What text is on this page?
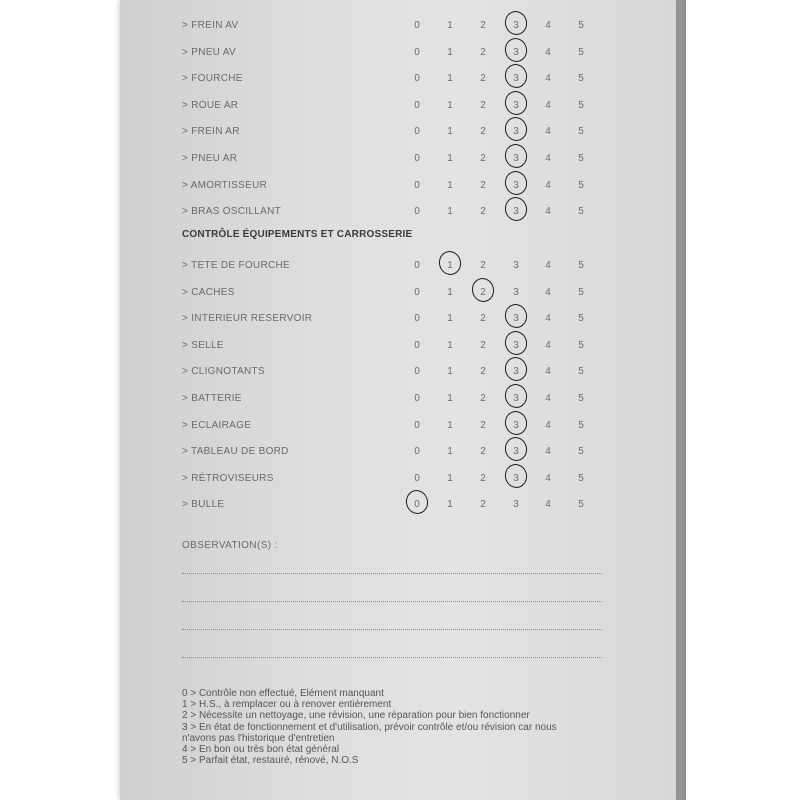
> FREIN AV	0	1	2	3	4	5
> PNEU AV	0	1	2	3	4	5
> FOURCHE	0	1	2	3	4	5
> ROUE AR	0	1	2	3	4	5
> FREIN AR	0	1	2	3	4	5
> PNEU AR	0	1	2	3	4	5
> AMORTISSEUR	0	1	2	3	4	5
> BRAS OSCILLANT	0	1	2	3	4	5
CONTRÔLE ÉQUIPEMENTS ET CARROSSERIE
> TETE DE FOURCHE	0	1	2	3	4	5
> CACHES	0	1	2	3	4	5
> INTERIEUR RESERVOIR	0	1	2	3	4	5
> SELLE	0	1	2	3	4	5
> CLIGNOTANTS	0	1	2	3	4	5
> BATTERIE	0	1	2	3	4	5
> ECLAIRAGE	0	1	2	3	4	5
> TABLEAU DE BORD	0	1	2	3	4	5
> RÉTROVISEURS	0	1	2	3	4	5
> BULLE	0	1	2	3	4	5
OBSERVATION(S) :
0 > Contrôle non effectué, Elément manquant
1 > H.S., à remplacer ou à renover entièrement
2 > Nécessite un nettoyage, une révision, une réparation pour bien fonctionner
3 > En état de fonctionnement et d'utilisation, prévoir contrôle et/ou révision car nous
n'avons pas l'historique d'entretien
4 > En bon ou très bon état général
5 > Parfait état, restauré, rénové, N.O.S
